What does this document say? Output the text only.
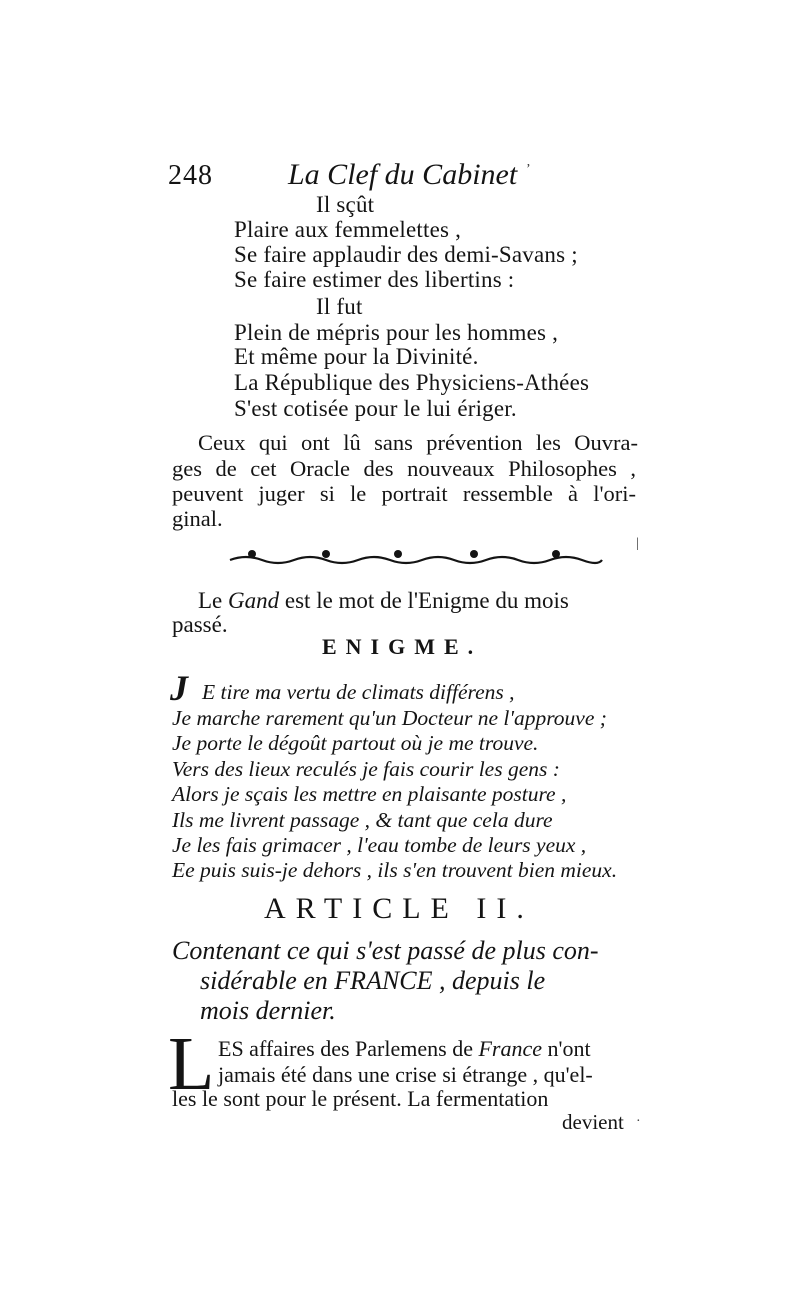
248	La Clef du Cabinet
Il sçût
Plaire aux femmelettes ,
Se faire applaudir des demi-Savans ;
Se faire estimer des libertins :
Il fut
Plein de mépris pour les hommes ,
Et même pour la Divinité.
La République des Physiciens-Athées
S'est cotisée pour le lui ériger.
Ceux qui ont lû sans prévention les Ouvra-
ges de cet Oracle des nouveaux Philosophes ,
peuvent juger si le portrait ressemble à l'ori-
ginal.
Le Gand est le mot de l'Enigme du mois
passé.
ENIGME.
J E tire ma vertu de climats différens ,
Je marche rarement qu'un Docteur ne l'approuve ;
Je porte le dégoût partout où je me trouve.
Vers des lieux reculés je fais courir les gens :
Alors je sçais les mettre en plaisante posture ,
Ils me livrent passage , & tant que cela dure
Je les fais grimacer , l'eau tombe de leurs yeux ,
Ee puis suis-je dehors , ils s'en trouvent bien mieux.
ARTICLE II.
Contenant ce qui s'est passé de plus con-
sidérable en FRANCE , depuis le
mois dernier.
L ES affaires des Parlemens de France n'ont
jamais été dans une crise si étrange , qu'el-
les le sont pour le présent. La fermentation
devient
ʼ
|
·
